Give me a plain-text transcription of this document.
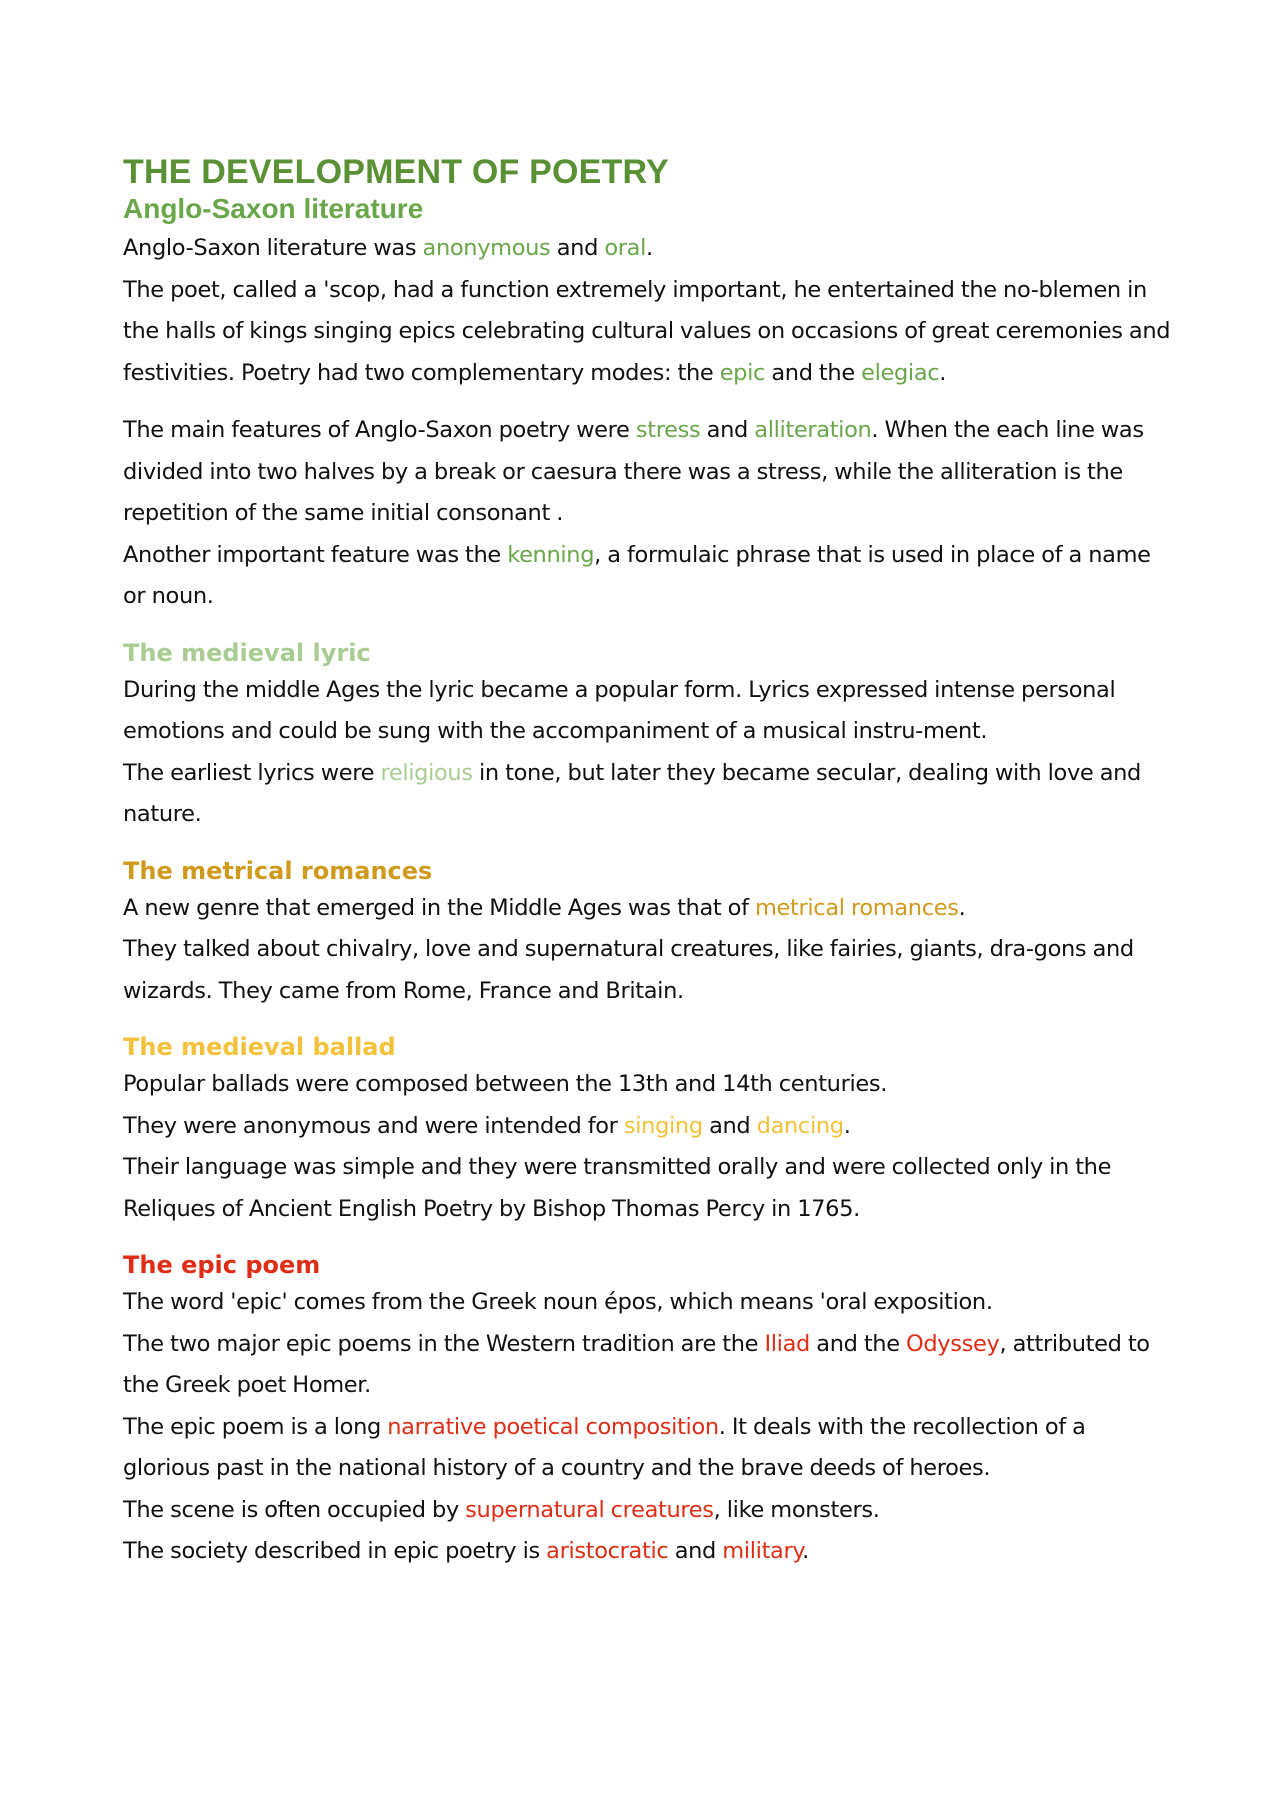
THE DEVELOPMENT OF POETRY
Anglo-Saxon literature

Anglo-Saxon literature was anonymous and oral.

The poet, called a 'scop, had a function extremely important, he entertained the no-blemen in the halls of kings singing epics celebrating cultural values on occasions of great ceremonies and festivities. Poetry had two complementary modes: the epic and the elegiac.

The main features of Anglo-Saxon poetry were stress and alliteration. When the each line was divided into two halves by a break or caesura there was a stress, while the alliteration is the repetition of the same initial consonant .

Another important feature was the kenning, a formulaic phrase that is used in place of a name or noun.

The medieval lyric

During the middle Ages the lyric became a popular form. Lyrics expressed intense personal emotions and could be sung with the accompaniment of a musical instru-ment.

The earliest lyrics were religious in tone, but later they became secular, dealing with love and nature.

The metrical romances

A new genre that emerged in the Middle Ages was that of metrical romances.

They talked about chivalry, love and supernatural creatures, like fairies, giants, dra-gons and wizards. They came from Rome, France and Britain.

The medieval ballad

Popular ballads were composed between the 13th and 14th centuries.

They were anonymous and were intended for singing and dancing.

Their language was simple and they were transmitted orally and were collected only in the Reliques of Ancient English Poetry by Bishop Thomas Percy in 1765.

The epic poem

The word 'epic' comes from the Greek noun épos, which means 'oral exposition.

The two major epic poems in the Western tradition are the Iliad and the Odyssey, attributed to the Greek poet Homer.

The epic poem is a long narrative poetical composition. It deals with the recollection of a glorious past in the national history of a country and the brave deeds of heroes.

The scene is often occupied by supernatural creatures, like monsters.

The society described in epic poetry is aristocratic and military.
